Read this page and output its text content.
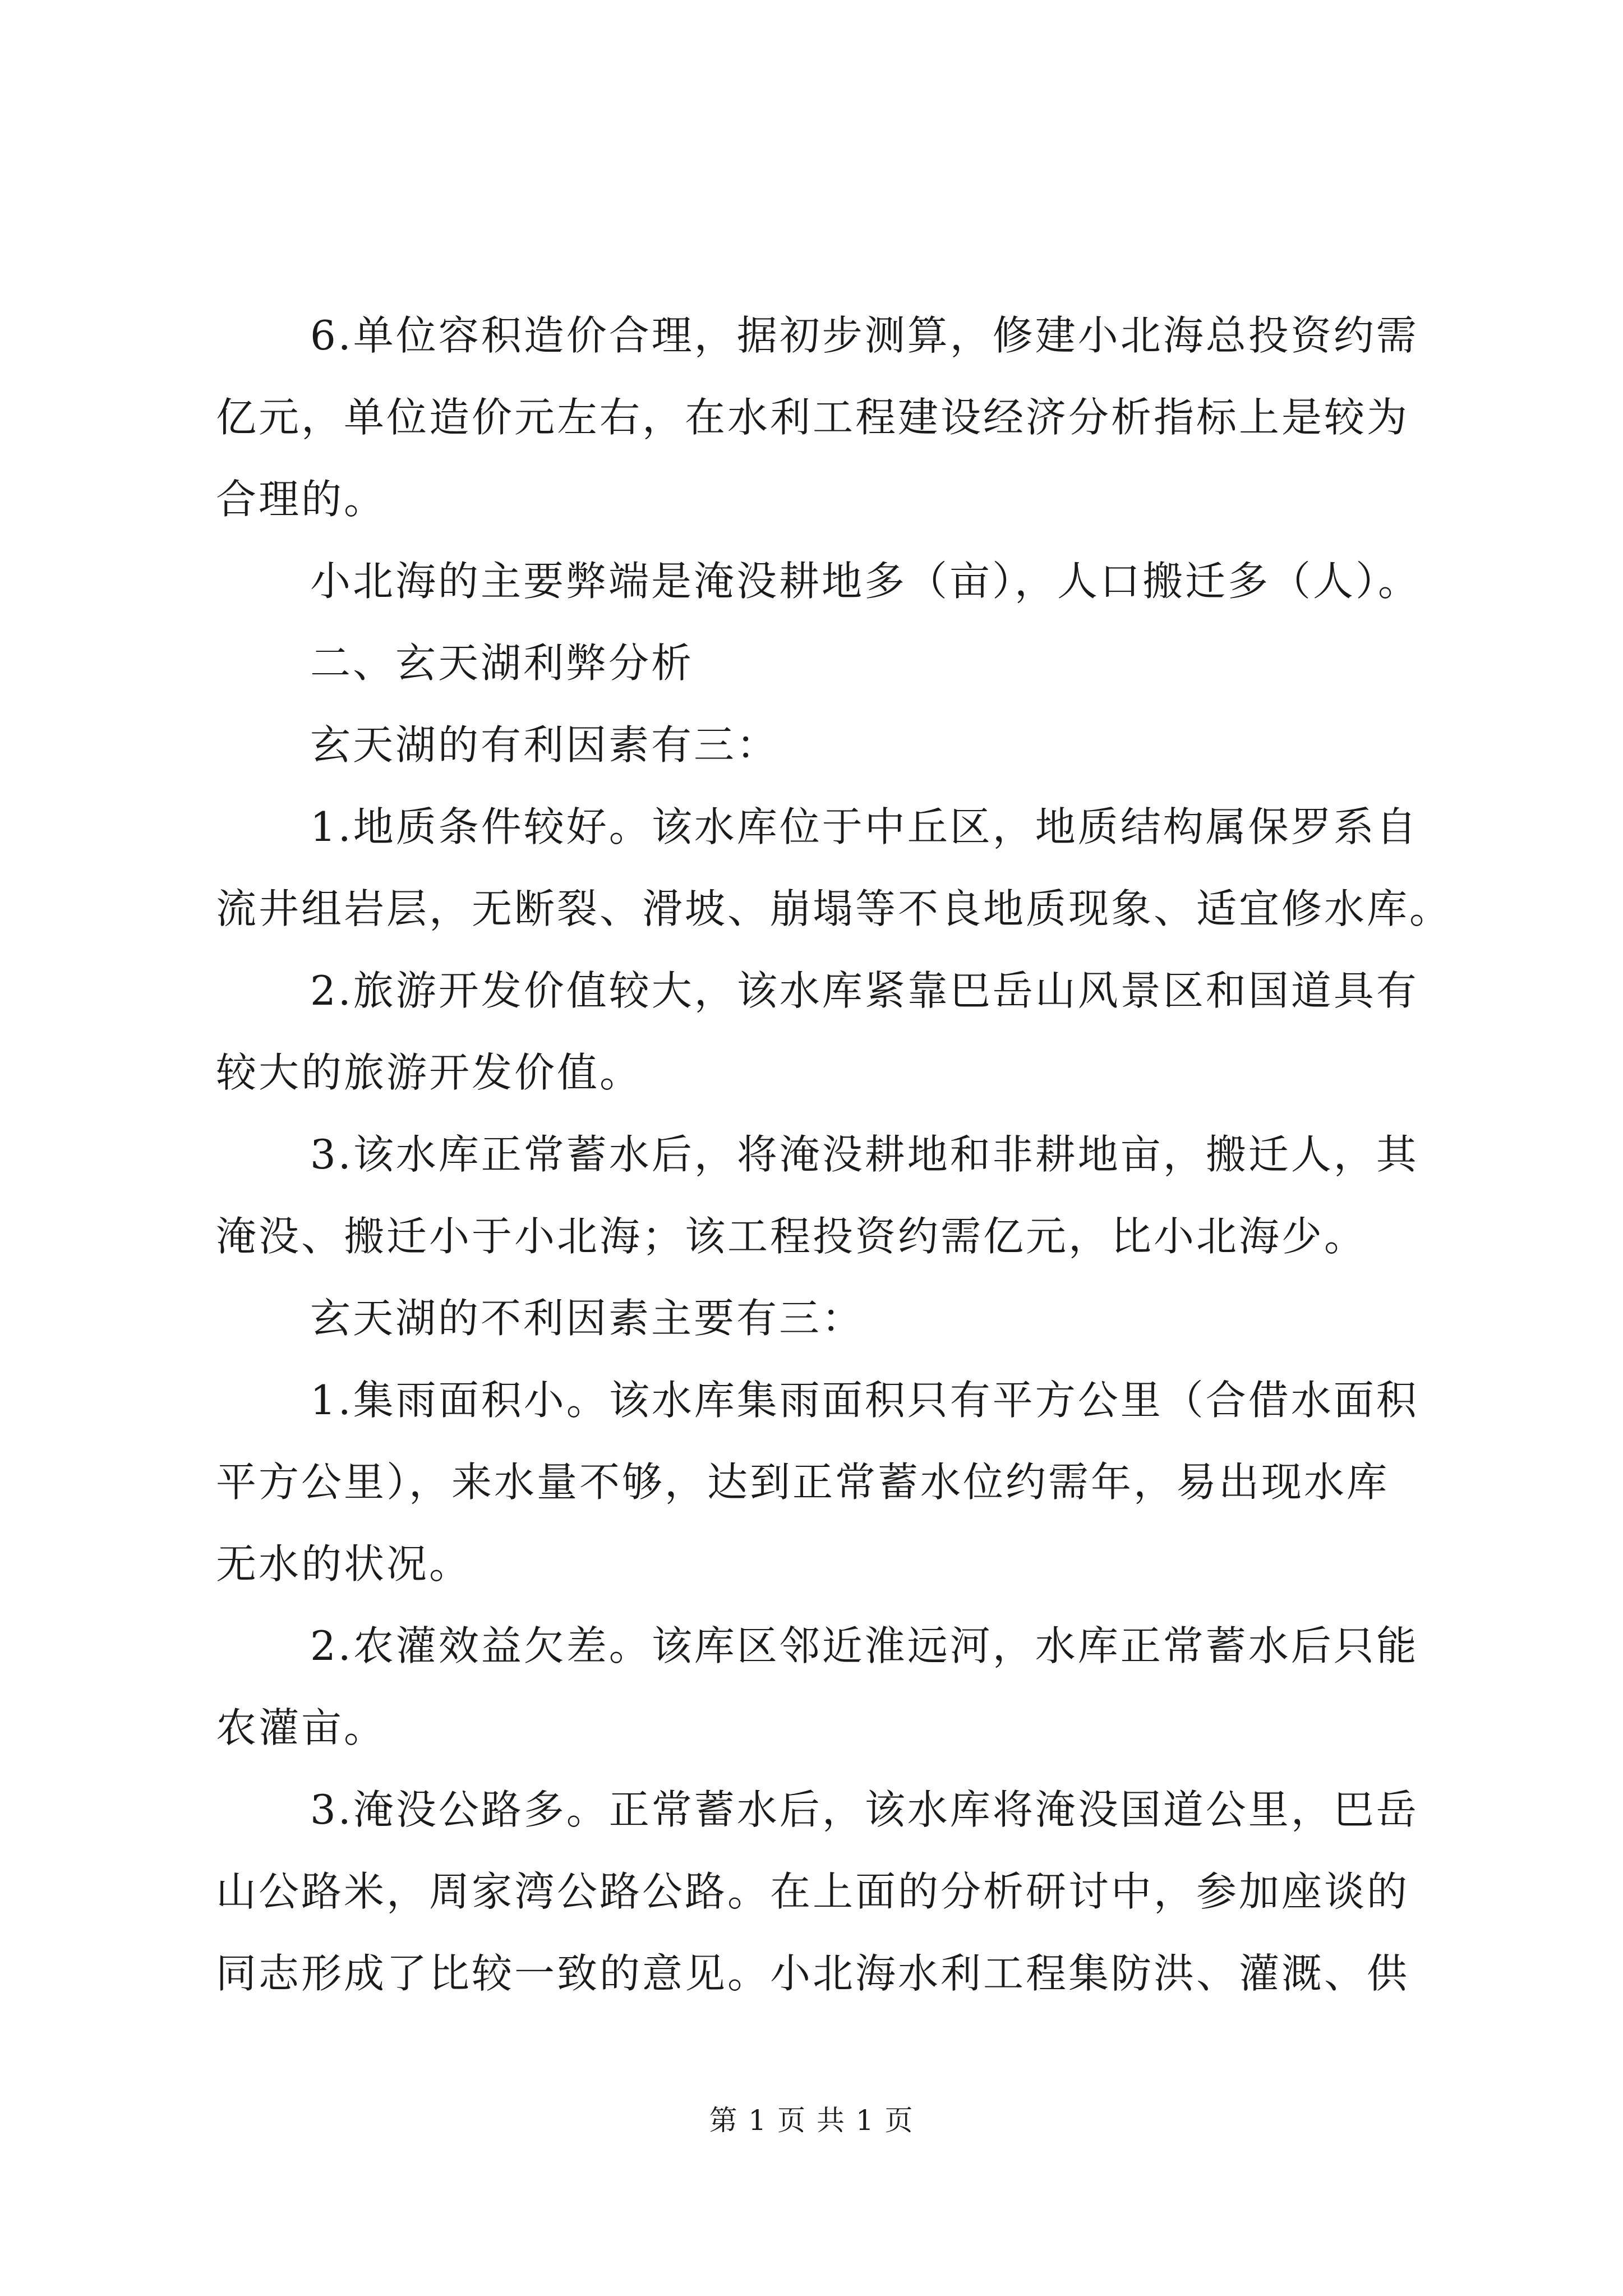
6.单位容积造价合理，据初步测算，修建小北海总投资约需
亿元，单位造价元左右，在水利工程建设经济分析指标上是较为
合理的。
小北海的主要弊端是淹没耕地多（亩），人口搬迁多（人）。
二、玄天湖利弊分析
玄天湖的有利因素有三：
1.地质条件较好。该水库位于中丘区，地质结构属保罗系自
流井组岩层，无断裂、滑坡、崩塌等不良地质现象、适宜修水库。
2.旅游开发价值较大，该水库紧靠巴岳山风景区和国道具有
较大的旅游开发价值。
3.该水库正常蓄水后，将淹没耕地和非耕地亩，搬迁人，其
淹没、搬迁小于小北海；该工程投资约需亿元，比小北海少。
玄天湖的不利因素主要有三：
1.集雨面积小。该水库集雨面积只有平方公里（合借水面积
平方公里），来水量不够，达到正常蓄水位约需年，易出现水库
无水的状况。
2.农灌效益欠差。该库区邻近淮远河，水库正常蓄水后只能
农灌亩。
3.淹没公路多。正常蓄水后，该水库将淹没国道公里，巴岳
山公路米，周家湾公路公路。在上面的分析研讨中，参加座谈的
同志形成了比较一致的意见。小北海水利工程集防洪、灌溉、供
第 1 页 共 1 页
